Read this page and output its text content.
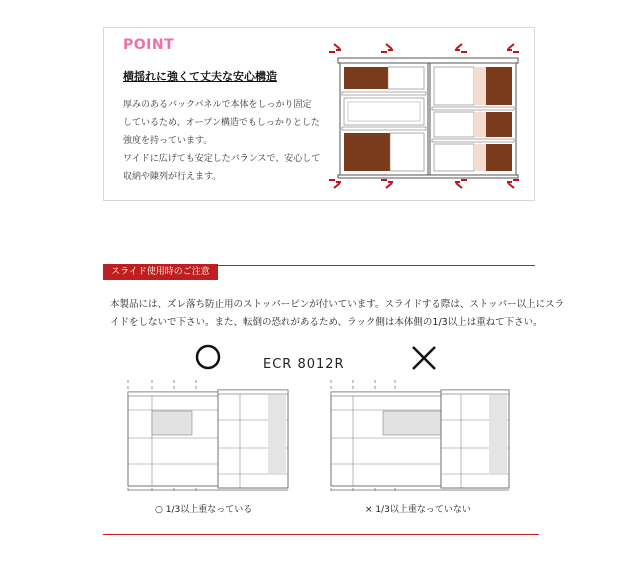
POINT
横揺れに強くて丈夫な安心構造
厚みのあるバックパネルで本体をしっかり固定
しているため、オープン構造でもしっかりとした
強度を持っています。
ワイドに広げても安定したバランスで、安心して
収納や陳列が行えます。
スライド使用時のご注意
本製品には、ズレ落ち防止用のストッパーピンが付いています。スライドする際は、ストッパー以上にスラ
イドをしないで下さい。また、転倒の恐れがあるため、ラック側は本体側の1/3以上は重ねて下さい。
ECR 8012R
○ 1/3以上重なっている	× 1/3以上重なっていない
